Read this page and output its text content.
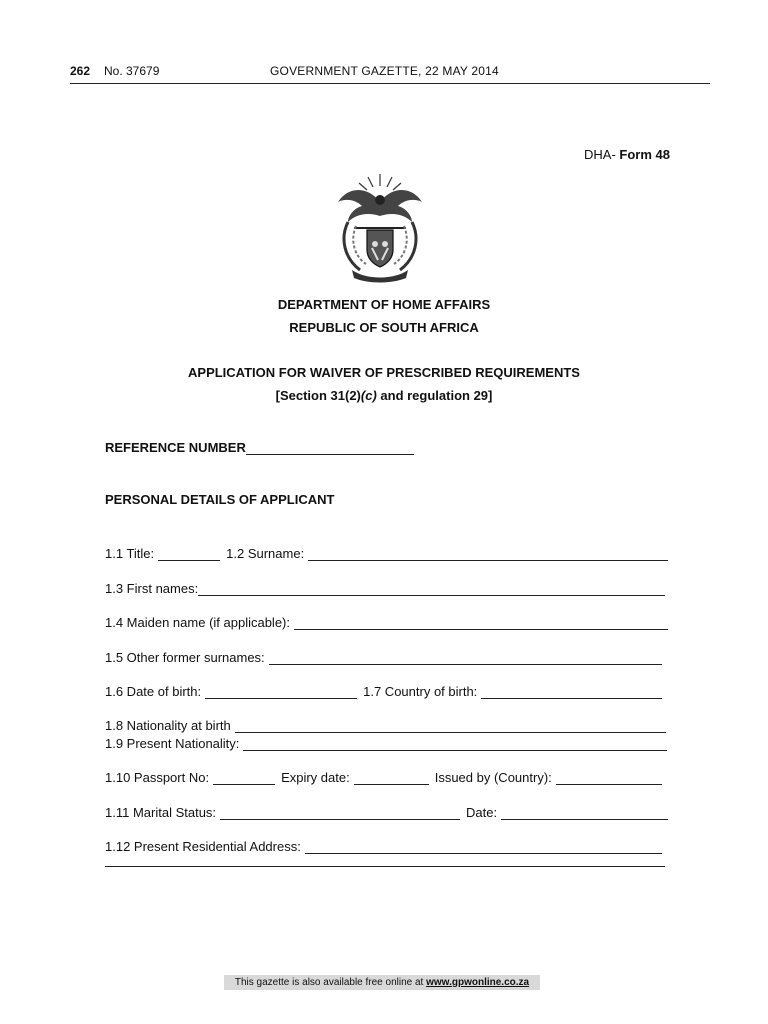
262 No. 37679	GOVERNMENT GAZETTE, 22 MAY 2014
DHA- Form 48
DEPARTMENT OF HOME AFFAIRS
REPUBLIC OF SOUTH AFRICA
APPLICATION FOR WAIVER OF PRESCRIBED REQUIREMENTS
[Section 31(2)(c) and regulation 29]
REFERENCE NUMBER
PERSONAL DETAILS OF APPLICANT
1.1 Title:	1.2 Surname:
1.3 First names:
1.4 Maiden name (if applicable):
1.5 Other former surnames:
1.6 Date of birth:	1.7 Country of birth:
1.8 Nationality at birth
1.9 Present Nationality:
1.10 Passport No:	Expiry date:	Issued by (Country):
1.11 Marital Status:	Date:
1.12 Present Residential Address:
This gazette is also available free online at www.gpwonline.co.za
